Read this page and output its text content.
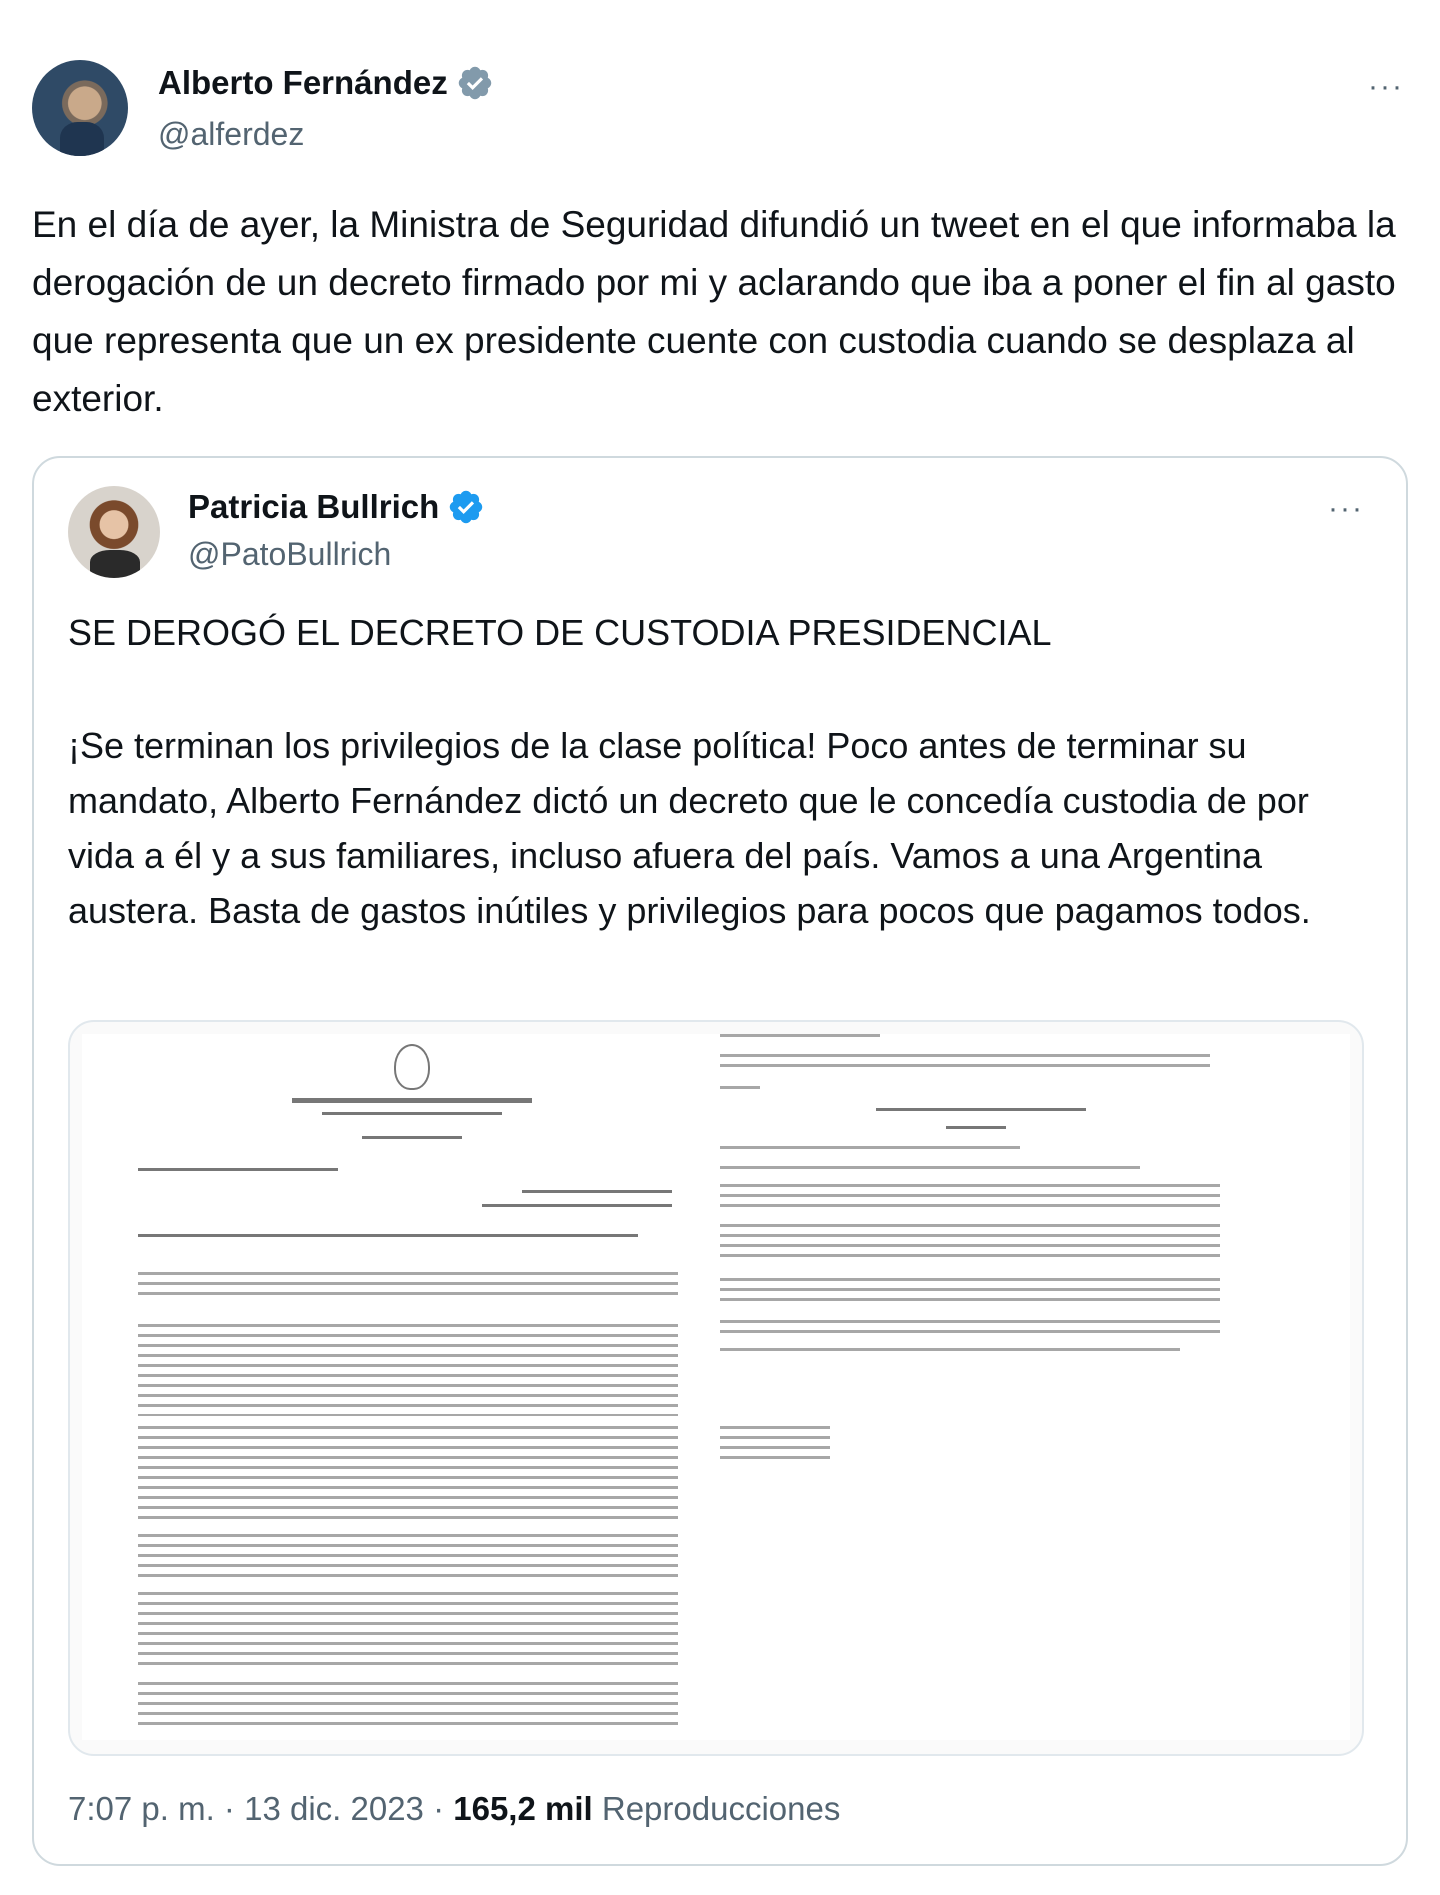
Alberto Fernández
@alferdez
···
En el día de ayer, la Ministra de Seguridad difundió un tweet en el que informaba la derogación de un decreto firmado por mi y aclarando que iba a poner el fin al gasto que representa que un ex presidente cuente con custodia cuando se desplaza al exterior.
Patricia Bullrich
@PatoBullrich
···
SE DEROGÓ EL DECRETO DE CUSTODIA PRESIDENCIAL
¡Se terminan los privilegios de la clase política! Poco antes de terminar su mandato, Alberto Fernández dictó un decreto que le concedía custodia de por vida a él y a sus familiares, incluso afuera del país. Vamos a una Argentina austera. Basta de gastos inútiles y privilegios para pocos que pagamos todos.
7:07 p. m. · 13 dic. 2023 · 165,2 mil Reproducciones
